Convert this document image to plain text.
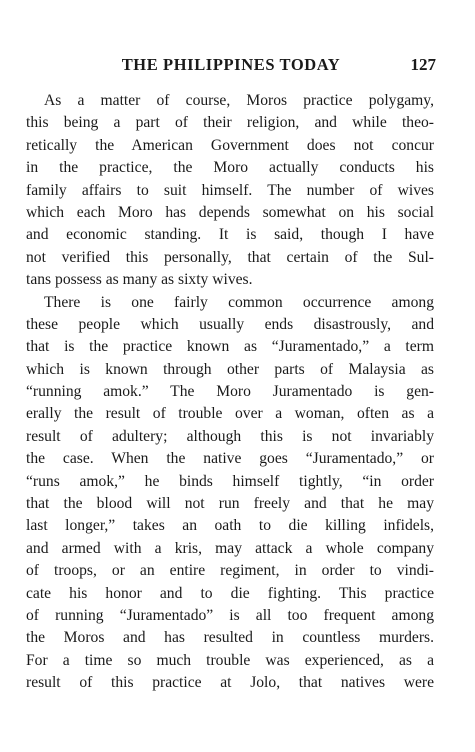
THE PHILIPPINES TODAY	127
As a matter of course, Moros practice polygamy,
this being a part of their religion, and while theo-
retically the American Government does not concur
in the practice, the Moro actually conducts his
family affairs to suit himself. The number of wives
which each Moro has depends somewhat on his social
and economic standing. It is said, though I have
not verified this personally, that certain of the Sul-
tans possess as many as sixty wives.
There is one fairly common occurrence among
these people which usually ends disastrously, and
that is the practice known as “Juramentado,” a term
which is known through other parts of Malaysia as
“running amok.” The Moro Juramentado is gen-
erally the result of trouble over a woman, often as a
result of adultery; although this is not invariably
the case. When the native goes “Juramentado,” or
“runs amok,” he binds himself tightly, “in order
that the blood will not run freely and that he may
last longer,” takes an oath to die killing infidels,
and armed with a kris, may attack a whole company
of troops, or an entire regiment, in order to vindi-
cate his honor and to die fighting. This practice
of running “Juramentado” is all too frequent among
the Moros and has resulted in countless murders.
For a time so much trouble was experienced, as a
result of this practice at Jolo, that natives were
